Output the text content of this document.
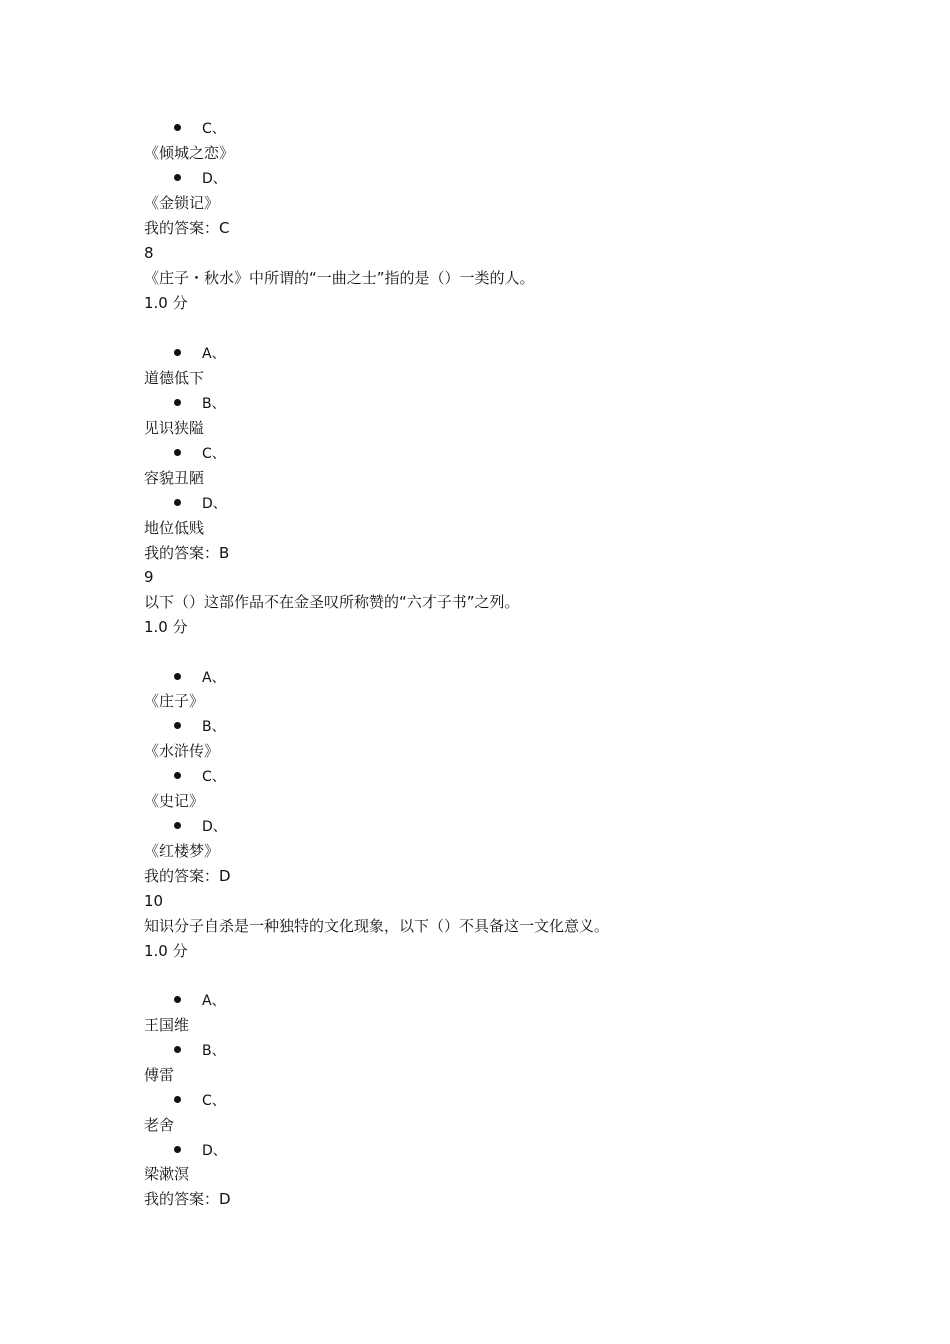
C、
《倾城之恋》
D、
《金锁记》
我的答案：C
8
《庄子・秋水》中所谓的“一曲之士”指的是（）一类的人。
1.0 分
A、
道德低下
B、
见识狭隘
C、
容貌丑陋
D、
地位低贱
我的答案：B
9
以下（）这部作品不在金圣叹所称赞的“六才子书”之列。
1.0 分
A、
《庄子》
B、
《水浒传》
C、
《史记》
D、
《红楼梦》
我的答案：D
10
知识分子自杀是一种独特的文化现象，以下（）不具备这一文化意义。
1.0 分
A、
王国维
B、
傅雷
C、
老舍
D、
梁漱溟
我的答案：D
